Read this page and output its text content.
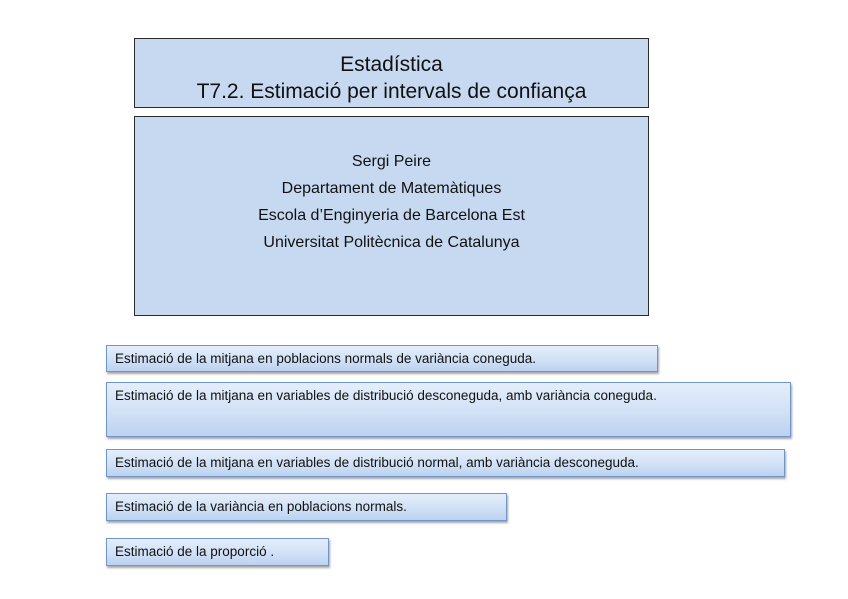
Estadística
T7.2. Estimació per intervals de confiança
Sergi Peire
Departament de Matemàtiques
Escola d’Enginyeria de Barcelona Est
Universitat Politècnica de Catalunya
Estimació de la mitjana en poblacions normals de variància coneguda.
Estimació de la mitjana en variables de distribució desconeguda, amb variància coneguda.
Estimació de la mitjana en variables de distribució normal, amb variància desconeguda.
Estimació de la variància en poblacions normals.
Estimació de la proporció .
